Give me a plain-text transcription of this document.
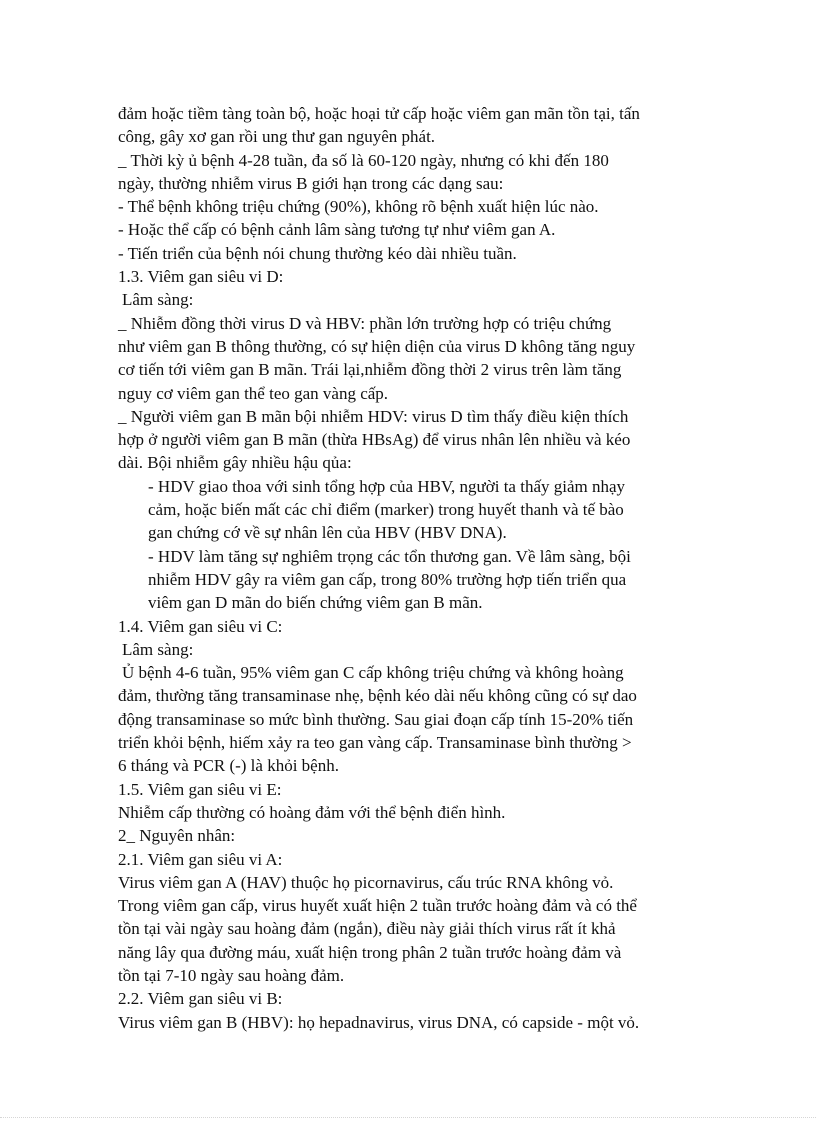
đảm hoặc tiềm tàng toàn bộ, hoặc hoại tử cấp hoặc viêm gan mãn tồn tại, tấn
công, gây xơ gan rồi ung thư gan nguyên phát.
_ Thời kỳ ủ bệnh 4-28 tuần, đa số là 60-120 ngày, nhưng có khi đến 180
ngày, thường nhiễm virus B giới hạn trong các dạng sau:
- Thể bệnh không triệu chứng (90%), không rõ bệnh xuất hiện lúc nào.
- Hoặc thể cấp có bệnh cảnh lâm sàng tương tự như viêm gan A.
- Tiến triển của bệnh nói chung thường kéo dài nhiều tuần.
1.3. Viêm gan siêu vi D:
Lâm sàng:
_ Nhiễm đồng thời virus D và HBV: phần lớn trường hợp có triệu chứng
như viêm gan B thông thường, có sự hiện diện của virus D không tăng nguy
cơ tiến tới viêm gan B mãn. Trái lại,nhiễm đồng thời 2 virus trên làm tăng
nguy cơ viêm gan thể teo gan vàng cấp.
_ Người viêm gan B mãn bội nhiễm HDV: virus D tìm thấy điều kiện thích
hợp ở người viêm gan B mãn (thừa HBsAg) để virus nhân lên nhiều và kéo
dài. Bội nhiễm gây nhiều hậu qủa:
- HDV giao thoa với sinh tổng hợp của HBV, người ta thấy giảm nhạy
cảm, hoặc biến mất các chỉ điểm (marker) trong huyết thanh và tế bào
gan chứng cớ về sự nhân lên của HBV (HBV DNA).
- HDV làm tăng sự nghiêm trọng các tổn thương gan. Về lâm sàng, bội
nhiễm HDV gây ra viêm gan cấp, trong 80% trường hợp tiến triển qua
viêm gan D mãn do biến chứng viêm gan B mãn.
1.4. Viêm gan siêu vi C:
Lâm sàng:
Ủ bệnh 4-6 tuần, 95% viêm gan C cấp không triệu chứng và không hoàng
đảm, thường tăng transaminase nhẹ, bệnh kéo dài nếu không cũng có sự dao
động transaminase so mức bình thường. Sau giai đoạn cấp tính 15-20% tiến
triển khỏi bệnh, hiếm xảy ra teo gan vàng cấp. Transaminase bình thường >
6 tháng và PCR (-) là khỏi bệnh.
1.5. Viêm gan siêu vi E:
Nhiễm cấp thường có hoàng đảm với thể bệnh điển hình.
2_ Nguyên nhân:
2.1. Viêm gan siêu vi A:
Virus viêm gan A (HAV) thuộc họ picornavirus, cấu trúc RNA không vỏ.
Trong viêm gan cấp, virus huyết xuất hiện 2 tuần trước hoàng đảm và có thể
tồn tại vài ngày sau hoàng đảm (ngắn), điều này giải thích virus rất ít khả
năng lây qua đường máu, xuất hiện trong phân 2 tuần trước hoàng đảm và
tồn tại 7-10 ngày sau hoàng đảm.
2.2. Viêm gan siêu vi B:
Virus viêm gan B (HBV): họ hepadnavirus, virus DNA, có capside - một vỏ.
